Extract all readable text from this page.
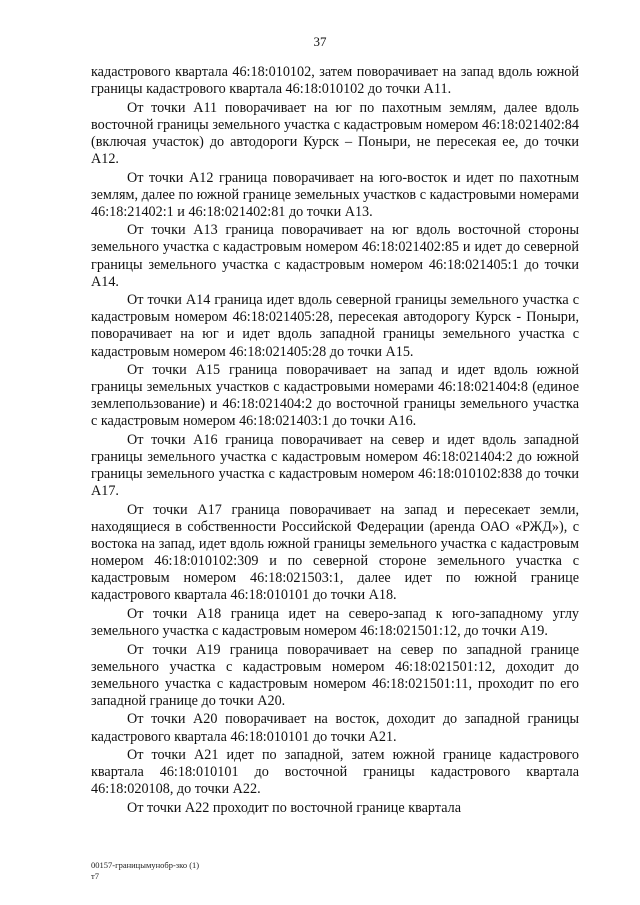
37

кадастрового квартала 46:18:010102, затем поворачивает на запад вдоль южной границы кадастрового квартала 46:18:010102 до точки А11.

От точки А11 поворачивает на юг по пахотным землям, далее вдоль восточной границы земельного участка с кадастровым номером 46:18:021402:84 (включая участок) до автодороги Курск – Поныри, не пересекая ее, до точки А12.

От точки А12 граница поворачивает на юго-восток и идет по пахотным землям, далее по южной границе земельных участков с кадастровыми номерами 46:18:21402:1 и 46:18:021402:81 до точки А13.

От точки А13 граница поворачивает на юг вдоль восточной стороны земельного участка с кадастровым номером 46:18:021402:85 и идет до северной границы земельного участка с кадастровым номером 46:18:021405:1 до точки А14.

От точки А14 граница идет вдоль северной границы земельного участка с кадастровым номером 46:18:021405:28, пересекая автодорогу Курск - Поныри, поворачивает на юг и идет вдоль западной границы земельного участка с кадастровым номером 46:18:021405:28 до точки А15.

От точки А15 граница поворачивает на запад и идет вдоль южной границы земельных участков с кадастровыми номерами 46:18:021404:8 (единое землепользование) и 46:18:021404:2 до восточной границы земельного участка с кадастровым номером 46:18:021403:1 до точки А16.

От точки А16 граница поворачивает на север и идет вдоль западной границы земельного участка с кадастровым номером 46:18:021404:2 до южной границы земельного участка с кадастровым номером 46:18:010102:838 до точки А17.

От точки А17 граница поворачивает на запад и пересекает земли, находящиеся в собственности Российской Федерации (аренда ОАО «РЖД»), с востока на запад, идет вдоль южной границы земельного участка с кадастровым номером 46:18:010102:309 и по северной стороне земельного участка с кадастровым номером 46:18:021503:1, далее идет по южной границе кадастрового квартала 46:18:010101 до точки А18.

От точки А18 граница идет на северо-запад к юго-западному углу земельного участка с кадастровым номером 46:18:021501:12, до точки А19.

От точки А19 граница поворачивает на север по западной границе земельного участка с кадастровым номером 46:18:021501:12, доходит до земельного участка с кадастровым номером 46:18:021501:11, проходит по его западной границе до точки А20.

От точки А20 поворачивает на восток, доходит до западной границы кадастрового квартала 46:18:010101 до точки А21.

От точки А21 идет по западной, затем южной границе кадастрового квартала 46:18:010101 до восточной границы кадастрового квартала 46:18:020108, до точки А22.

От точки А22 проходит по восточной границе квартала

00157-границымунобр-зко (1)
т7
